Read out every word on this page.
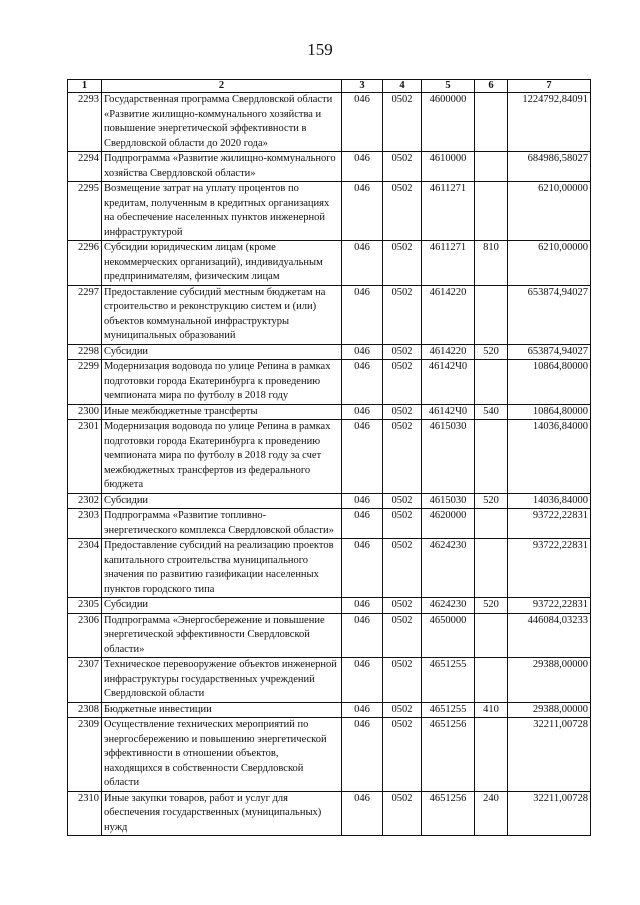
159
1	2	3	4	5	6	7
2293	Государственная программа Свердловской области «Развитие жилищно-коммунального хозяйства и повышение энергетической эффективности в Свердловской области до 2020 года»	046	0502	4600000		1224792,84091
2294	Подпрограмма «Развитие жилищно-коммунального хозяйства Свердловской области»	046	0502	4610000		684986,58027
2295	Возмещение затрат на уплату процентов по кредитам, полученным в кредитных организациях на обеспечение населенных пунктов инженерной инфраструктурой	046	0502	4611271		6210,00000
2296	Субсидии юридическим лицам (кроме некоммерческих организаций), индивидуальным предпринимателям, физическим лицам	046	0502	4611271	810	6210,00000
2297	Предоставление субсидий местным бюджетам на строительство и реконструкцию систем и (или) объектов коммунальной инфраструктуры муниципальных образований	046	0502	4614220		653874,94027
2298	Субсидии	046	0502	4614220	520	653874,94027
2299	Модернизация водовода по улице Репина в рамках подготовки города Екатеринбурга к проведению чемпионата мира по футболу в 2018 году	046	0502	46142Ч0		10864,80000
2300	Иные межбюджетные трансферты	046	0502	46142Ч0	540	10864,80000
2301	Модернизация водовода по улице Репина в рамках подготовки города Екатеринбурга к проведению чемпионата мира по футболу в 2018 году за счет межбюджетных трансфертов из федерального бюджета	046	0502	4615030		14036,84000
2302	Субсидии	046	0502	4615030	520	14036,84000
2303	Подпрограмма «Развитие топливно-энергетического комплекса Свердловской области»	046	0502	4620000		93722,22831
2304	Предоставление субсидий на реализацию проектов капитального строительства муниципального значения по развитию газификации населенных пунктов городского типа	046	0502	4624230		93722,22831
2305	Субсидии	046	0502	4624230	520	93722,22831
2306	Подпрограмма «Энергосбережение и повышение энергетической эффективности Свердловской области»	046	0502	4650000		446084,03233
2307	Техническое перевооружение объектов инженерной инфраструктуры государственных учреждений Свердловской области	046	0502	4651255		29388,00000
2308	Бюджетные инвестиции	046	0502	4651255	410	29388,00000
2309	Осуществление технических мероприятий по энергосбережению и повышению энергетической эффективности в отношении объектов, находящихся в собственности Свердловской области	046	0502	4651256		32211,00728
2310	Иные закупки товаров, работ и услуг для обеспечения государственных (муниципальных) нужд	046	0502	4651256	240	32211,00728
